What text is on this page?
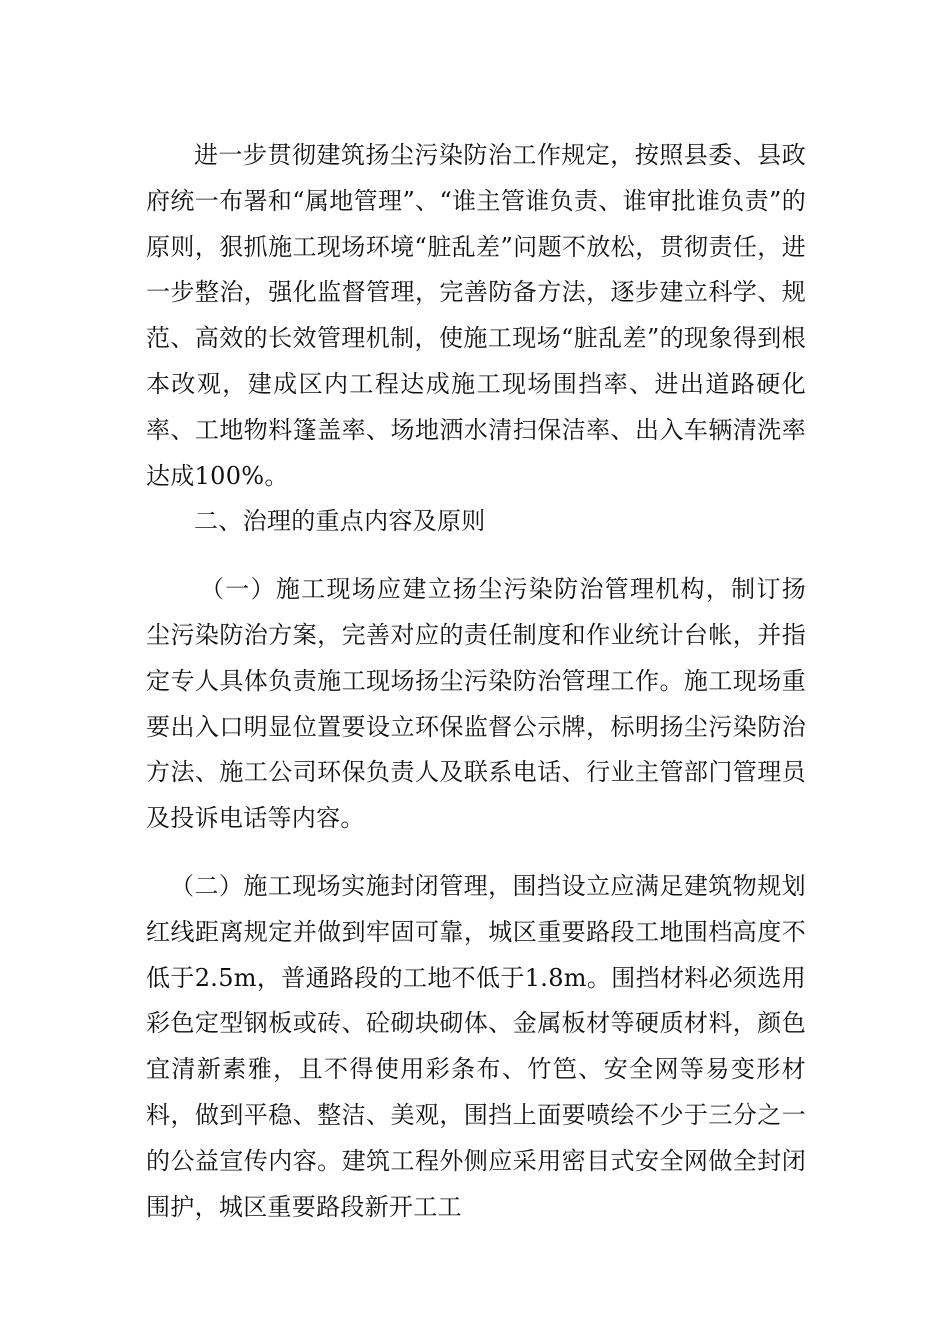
进一步贯彻建筑扬尘污染防治工作规定，按照县委、县政府统一布署和“属地管理”、“谁主管谁负责、谁审批谁负责”的原则，狠抓施工现场环境“脏乱差”问题不放松，贯彻责任，进一步整治，强化监督管理，完善防备方法，逐步建立科学、规范、高效的长效管理机制，使施工现场“脏乱差”的现象得到根本改观，建成区内工程达成施工现场围挡率、进出道路硬化率、工地物料篷盖率、场地洒水清扫保洁率、出入车辆清洗率达成100%。

二、治理的重点内容及原则

（一）施工现场应建立扬尘污染防治管理机构，制订扬尘污染防治方案，完善对应的责任制度和作业统计台帐，并指定专人具体负责施工现场扬尘污染防治管理工作。施工现场重要出入口明显位置要设立环保监督公示牌，标明扬尘污染防治方法、施工公司环保负责人及联系电话、行业主管部门管理员及投诉电话等内容。

（二）施工现场实施封闭管理，围挡设立应满足建筑物规划红线距离规定并做到牢固可靠，城区重要路段工地围档高度不低于2.5m，普通路段的工地不低于1.8m。围挡材料必须选用彩色定型钢板或砖、砼砌块砌体、金属板材等硬质材料，颜色宜清新素雅，且不得使用彩条布、竹笆、安全网等易变形材料，做到平稳、整洁、美观，围挡上面要喷绘不少于三分之一的公益宣传内容。建筑工程外侧应采用密目式安全网做全封闭围护，城区重要路段新开工工
